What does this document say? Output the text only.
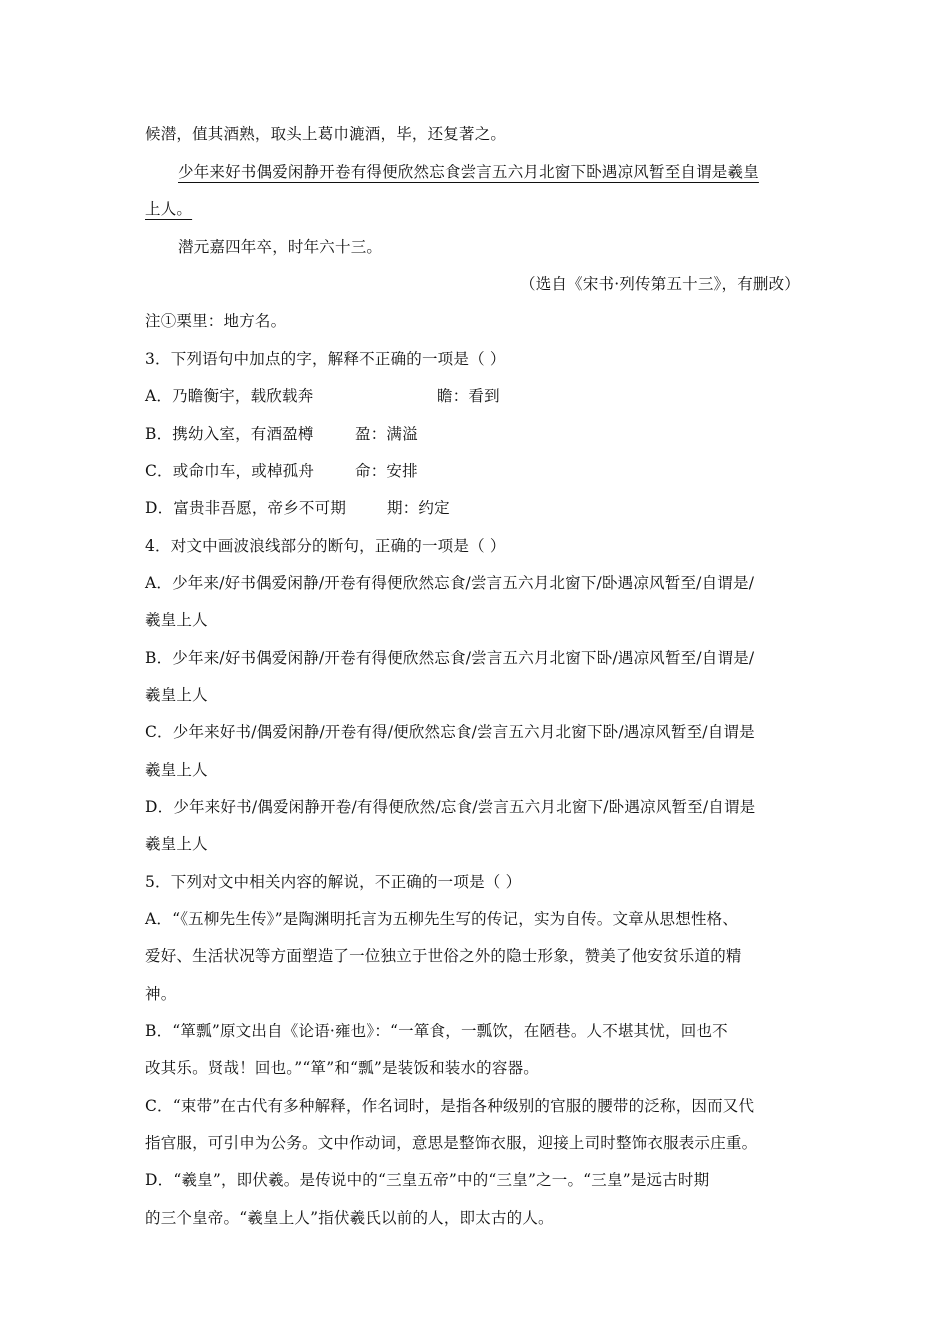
候潜，值其酒熟，取头上葛巾漉酒，毕，还复著之。
少年来好书偶爱闲静开卷有得便欣然忘食尝言五六月北窗下卧遇凉风暂至自谓是羲皇
上人。
潜元嘉四年卒，时年六十三。
（选自《宋书·列传第五十三》，有删改）
注①栗里：地方名。
3．下列语句中加点的字，解释不正确的一项是（ ）
A．乃瞻衡宇，载欣载奔	瞻：看到
B．携幼入室，有酒盈樽	盈：满溢
C．或命巾车，或棹孤舟	命：安排
D．富贵非吾愿，帝乡不可期	期：约定
4．对文中画波浪线部分的断句，正确的一项是（ ）
A．少年来/好书偶爱闲静/开卷有得便欣然忘食/尝言五六月北窗下/卧遇凉风暂至/自谓是/
羲皇上人
B．少年来/好书偶爱闲静/开卷有得便欣然忘食/尝言五六月北窗下卧/遇凉风暂至/自谓是/
羲皇上人
C．少年来好书/偶爱闲静/开卷有得/便欣然忘食/尝言五六月北窗下卧/遇凉风暂至/自谓是
羲皇上人
D．少年来好书/偶爱闲静开卷/有得便欣然/忘食/尝言五六月北窗下/卧遇凉风暂至/自谓是
羲皇上人
5．下列对文中相关内容的解说，不正确的一项是（ ）
A．“《五柳先生传》”是陶渊明托言为五柳先生写的传记，实为自传。文章从思想性格、
爱好、生活状况等方面塑造了一位独立于世俗之外的隐士形象，赞美了他安贫乐道的精
神。
B．“箪瓢”原文出自《论语·雍也》：“一箪食，一瓢饮，在陋巷。人不堪其忧，回也不
改其乐。贤哉！回也。”“箪”和“瓢”是装饭和装水的容器。
C．“束带”在古代有多种解释，作名词时，是指各种级别的官服的腰带的泛称，因而又代
指官服，可引申为公务。文中作动词，意思是整饰衣服，迎接上司时整饰衣服表示庄重。
D．“羲皇”，即伏羲。是传说中的“三皇五帝”中的“三皇”之一。“三皇”是远古时期
的三个皇帝。“羲皇上人”指伏羲氏以前的人，即太古的人。
